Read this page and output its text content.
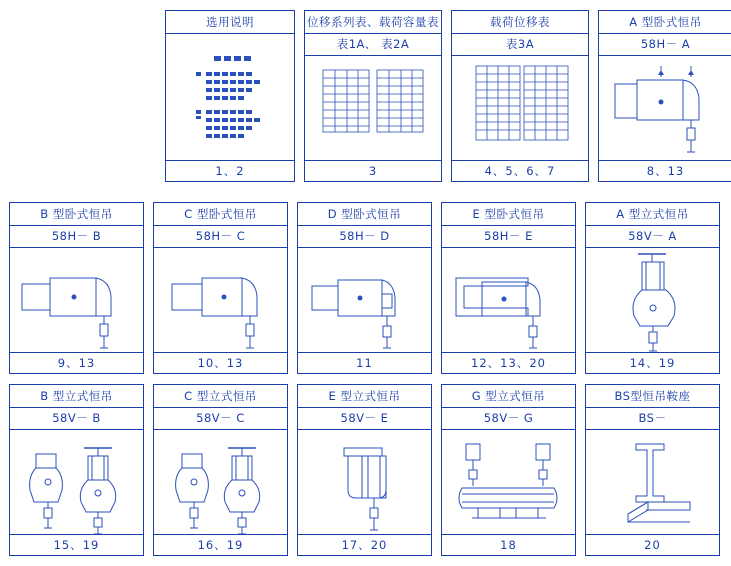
选用说明
1、2
位移系列表、载荷容量表
表1A、 表2A
3
载荷位移表
表3A
4、5、6、7
A 型卧式恒吊
58H－ A
8、13
B 型卧式恒吊
58H－ B
9、13
C 型卧式恒吊
58H－ C
10、13
D 型卧式恒吊
58H－ D
11
E 型卧式恒吊
58H－ E
12、13、20
A 型立式恒吊
58V－ A
14、19
B 型立式恒吊
58V－ B
15、19
C 型立式恒吊
58V－ C
16、19
E 型立式恒吊
58V－ E
17、20
G 型立式恒吊
58V－ G
18
BS型恒吊鞍座
BS－
20
